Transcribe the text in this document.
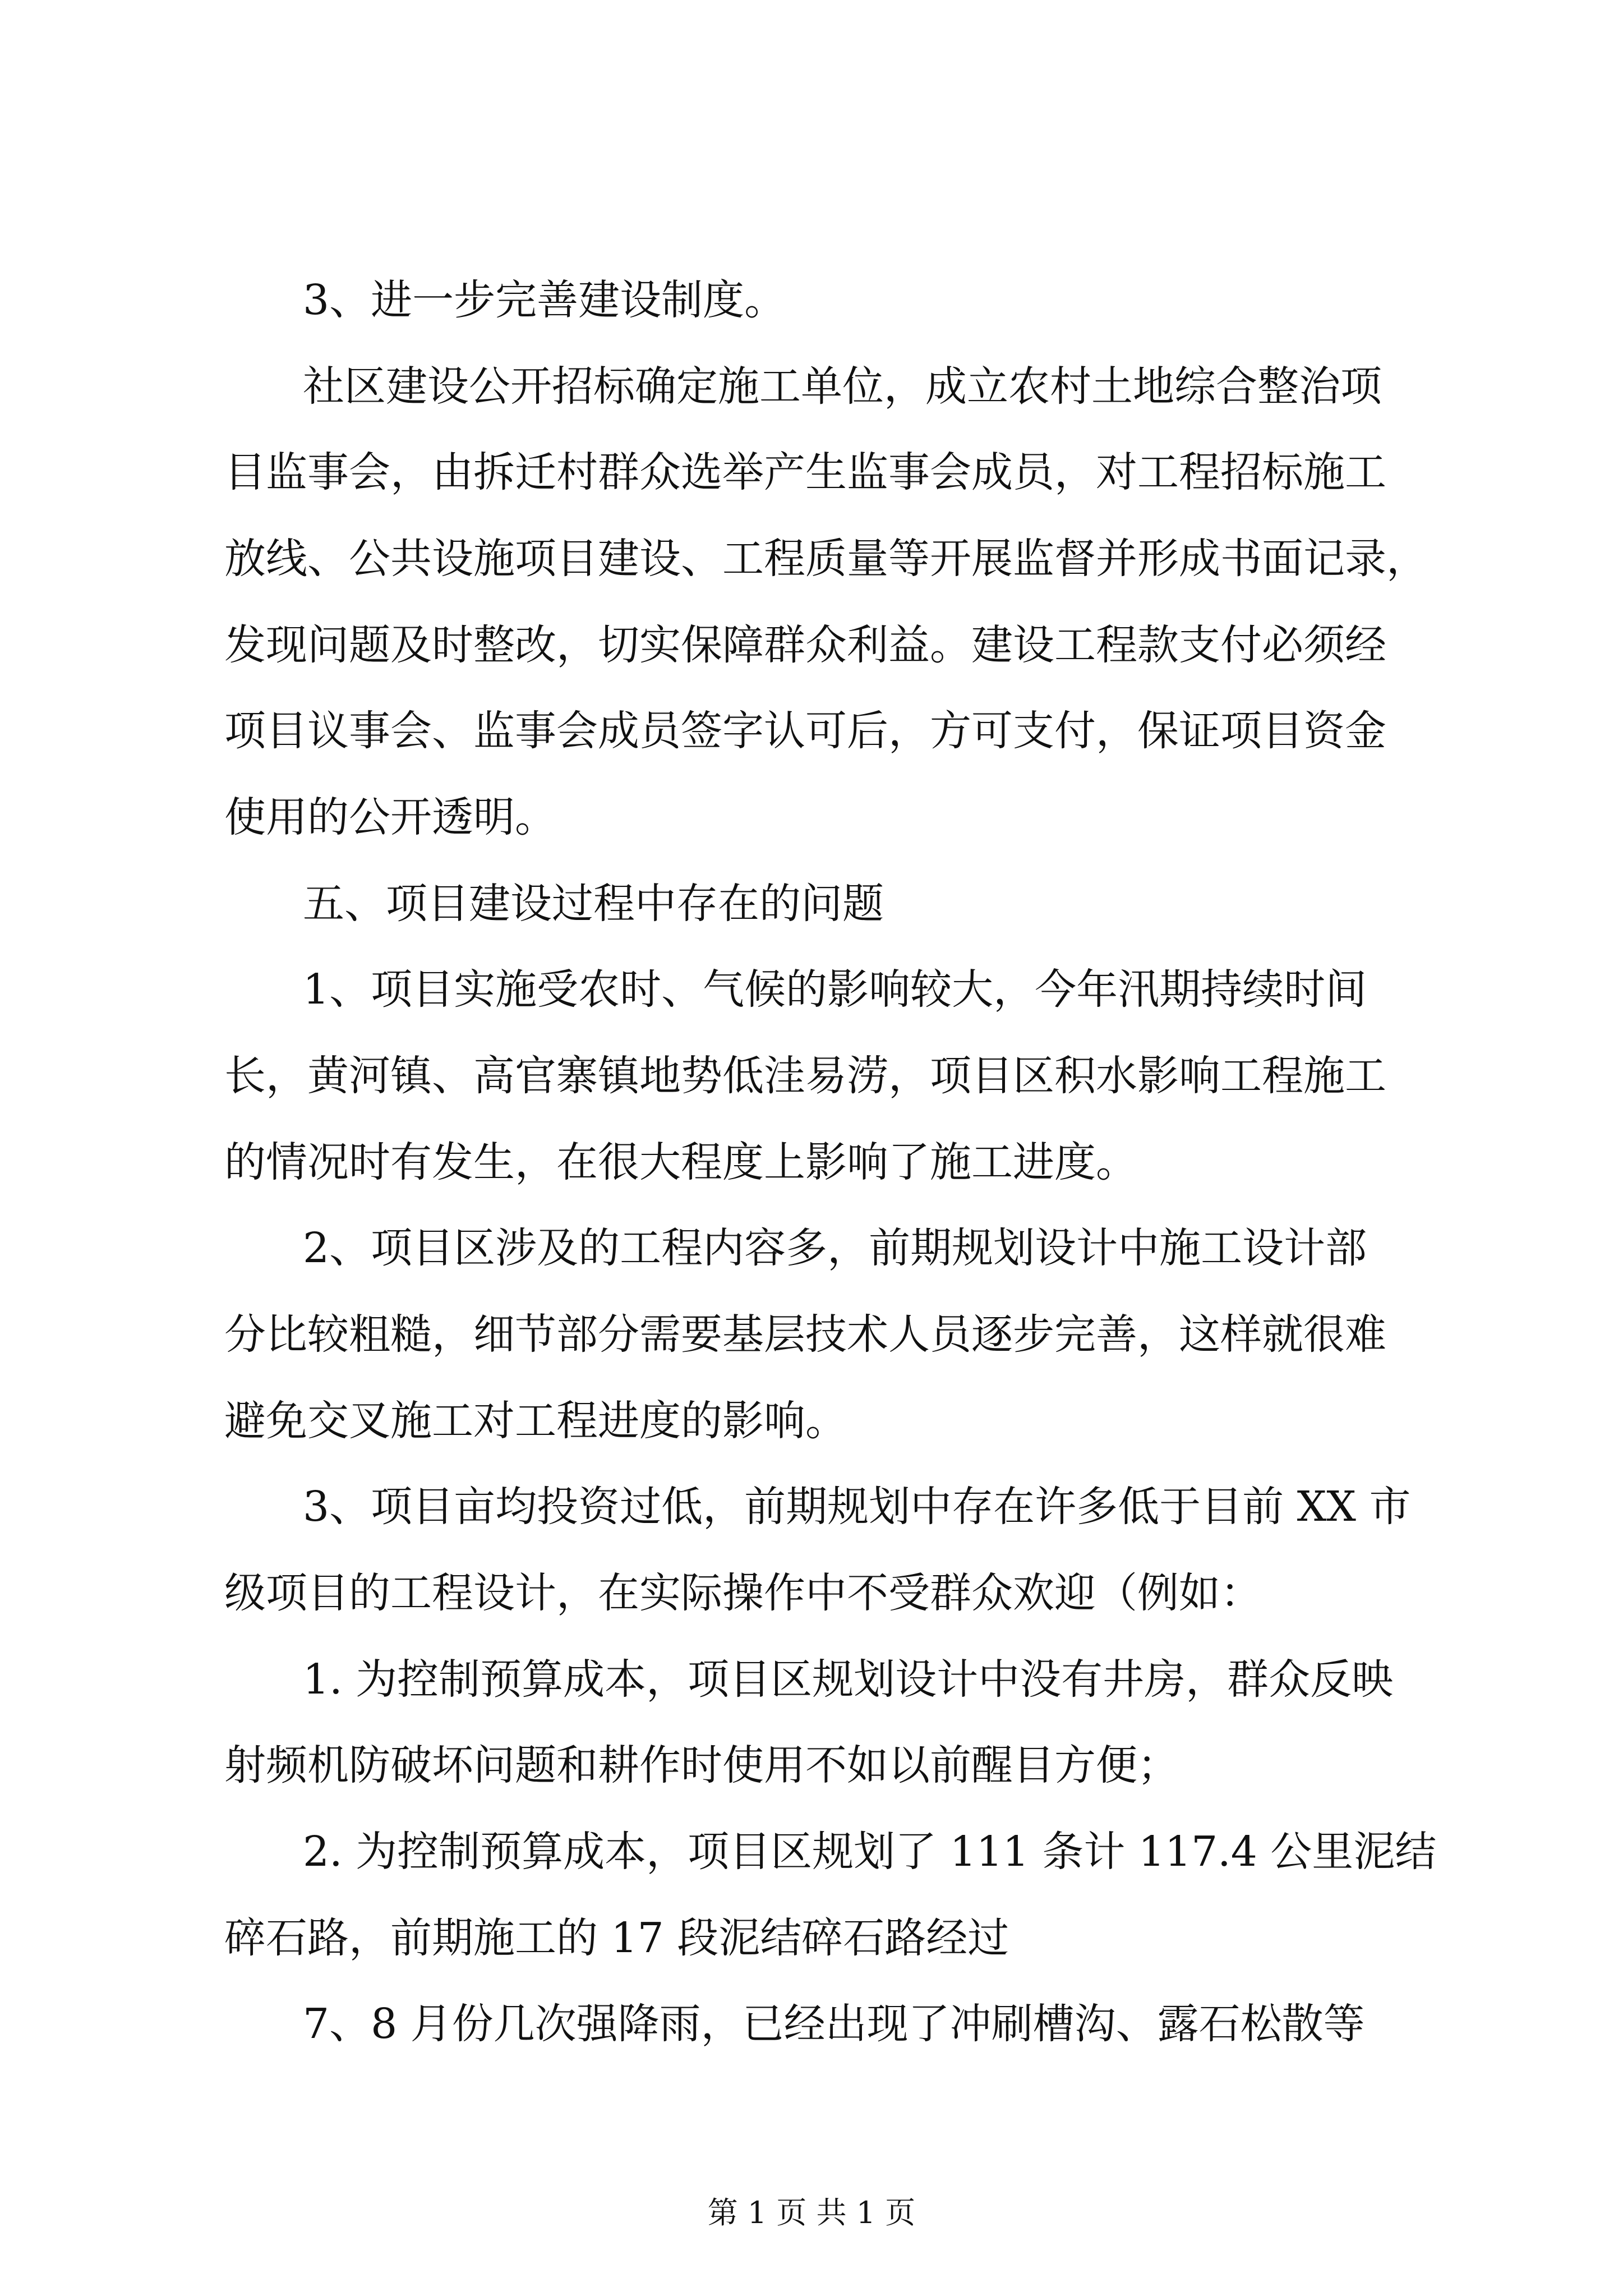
3、进一步完善建设制度。
社区建设公开招标确定施工单位，成立农村土地综合整治项
目监事会，由拆迁村群众选举产生监事会成员，对工程招标施工
放线、公共设施项目建设、工程质量等开展监督并形成书面记录，
发现问题及时整改，切实保障群众利益。建设工程款支付必须经
项目议事会、监事会成员签字认可后，方可支付，保证项目资金
使用的公开透明。
五、项目建设过程中存在的问题
1、项目实施受农时、气候的影响较大，今年汛期持续时间
长，黄河镇、高官寨镇地势低洼易涝，项目区积水影响工程施工
的情况时有发生，在很大程度上影响了施工进度。
2、项目区涉及的工程内容多，前期规划设计中施工设计部
分比较粗糙，细节部分需要基层技术人员逐步完善，这样就很难
避免交叉施工对工程进度的影响。
3、项目亩均投资过低，前期规划中存在许多低于目前 XX 市
级项目的工程设计，在实际操作中不受群众欢迎（例如：
1. 为控制预算成本，项目区规划设计中没有井房，群众反映
射频机防破坏问题和耕作时使用不如以前醒目方便；
2. 为控制预算成本，项目区规划了 111 条计 117.4 公里泥结
碎石路，前期施工的 17 段泥结碎石路经过
7、8 月份几次强降雨，已经出现了冲刷槽沟、露石松散等
第 1 页 共 1 页
